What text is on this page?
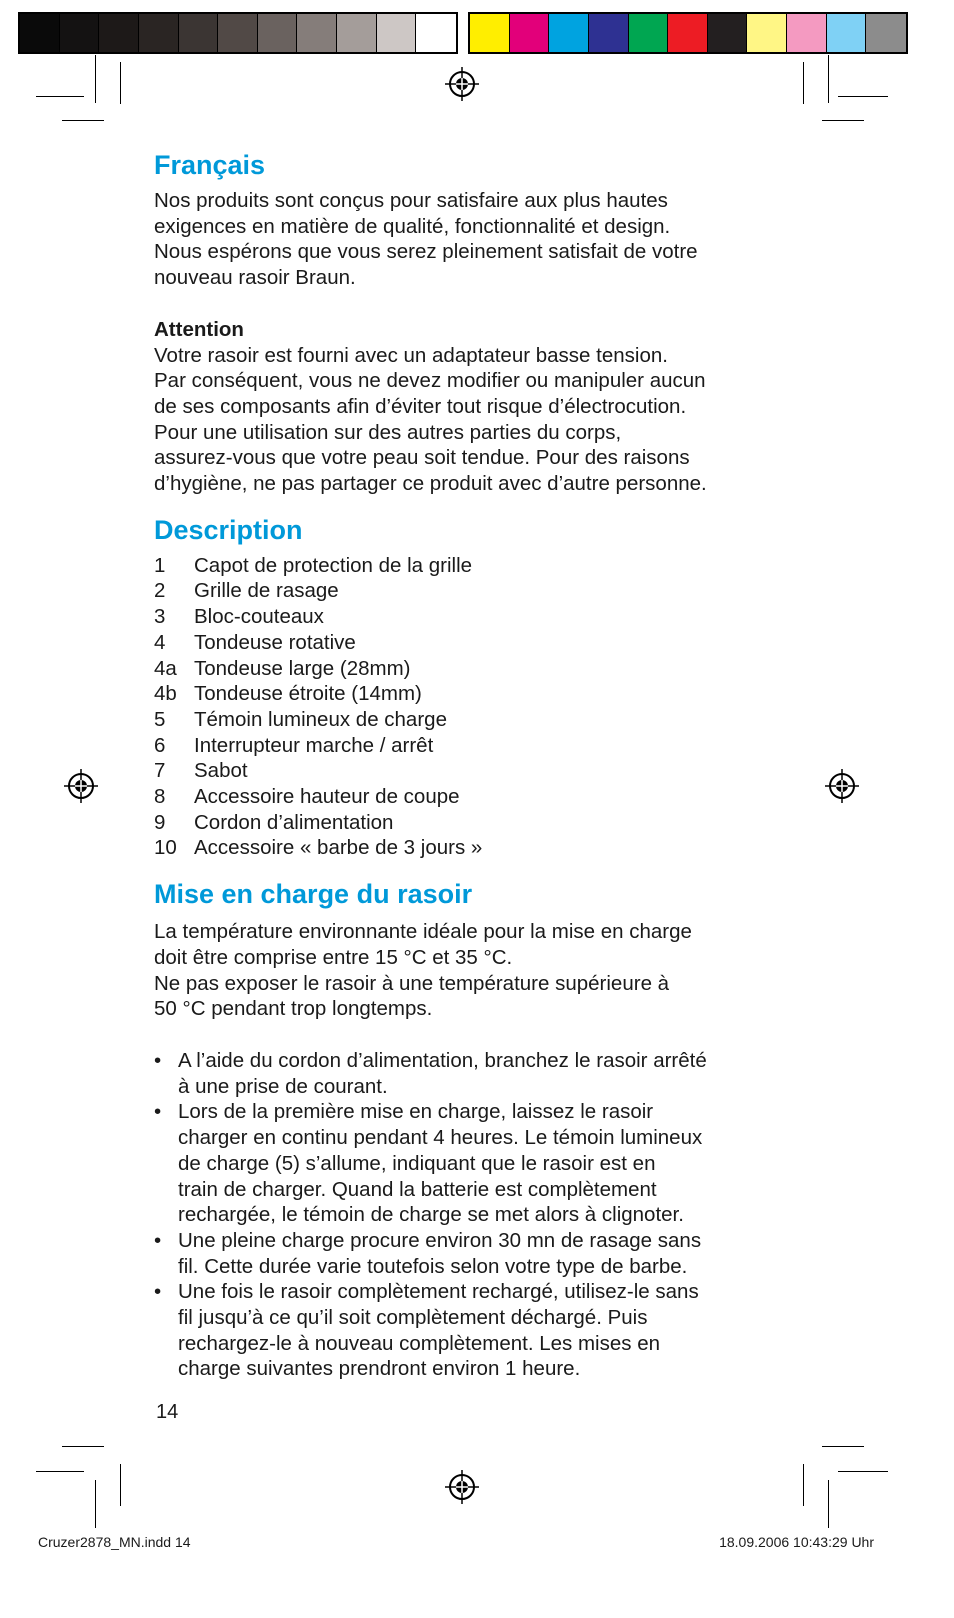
Français

Nos produits sont conçus pour satisfaire aux plus hautes
exigences en matière de qualité, fonctionnalité et design.
Nous espérons que vous serez pleinement satisfait de votre
nouveau rasoir Braun.

Attention
Votre rasoir est fourni avec un adaptateur basse tension.
Par conséquent, vous ne devez modifier ou manipuler aucun
de ses composants afin d’éviter tout risque d’électrocution.
Pour une utilisation sur des autres parties du corps,
assurez-vous que votre peau soit tendue. Pour des raisons
d’hygiène, ne pas partager ce produit avec d’autre personne.

Description
1	Capot de protection de la grille
2	Grille de rasage
3	Bloc-couteaux
4	Tondeuse rotative
4a Tondeuse large (28mm)
4b Tondeuse étroite (14mm)
5	Témoin lumineux de charge
6	Interrupteur marche / arrêt
7	Sabot
8	Accessoire hauteur de coupe
9	Cordon d’alimentation
10 Accessoire « barbe de 3 jours »
Mise en charge du rasoir

La température environnante idéale pour la mise en charge
doit être comprise entre 15 °C et 35 °C.
Ne pas exposer le rasoir à une température supérieure à
50 °C pendant trop longtemps.

• A l’aide du cordon d’alimentation, branchez le rasoir arrêté
à une prise de courant.
• Lors de la première mise en charge, laissez le rasoir
charger en continu pendant 4 heures. Le témoin lumineux
de charge (5) s’allume, indiquant que le rasoir est en
train de charger. Quand la batterie est complètement
rechargée, le témoin de charge se met alors à clignoter.
• Une pleine charge procure environ 30 mn de rasage sans
fil. Cette durée varie toutefois selon votre type de barbe.
• Une fois le rasoir complètement rechargé, utilisez-le sans
fil jusqu’à ce qu’il soit complètement déchargé. Puis
rechargez-le à nouveau complètement. Les mises en
charge suivantes prendront environ 1 heure.
14
Cruzer2878_MN.indd 14	18.09.2006 10:43:29 Uhr
